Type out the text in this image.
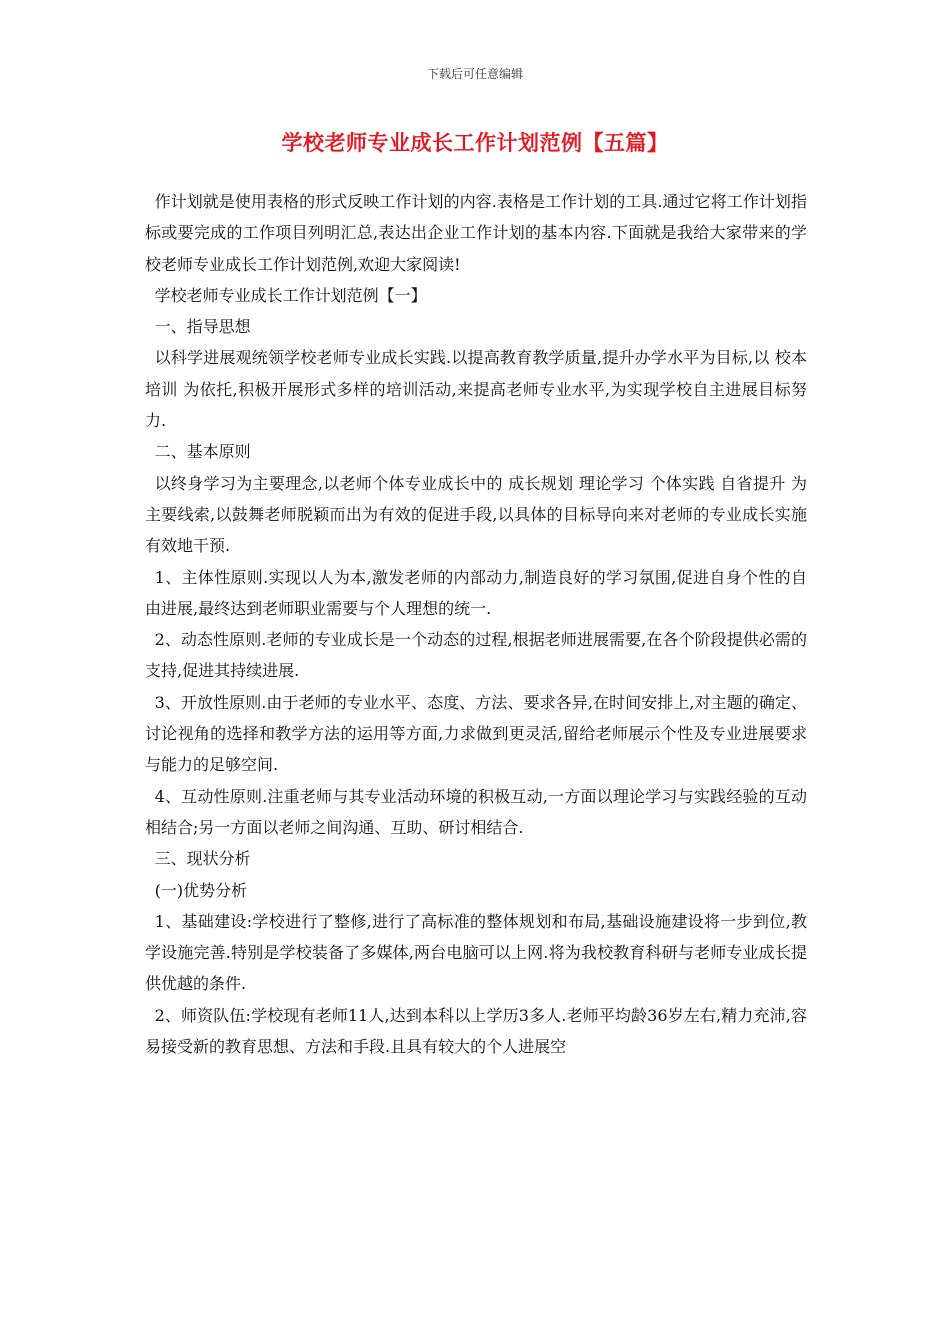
下载后可任意编辑
学校老师专业成长工作计划范例【五篇】

作计划就是使用表格的形式反映工作计划的内容.表格是工作计划的工具.通过它将工作计划指标或要完成的工作项目列明汇总,表达出企业工作计划的基本内容.下面就是我给大家带来的学校老师专业成长工作计划范例,欢迎大家阅读!

学校老师专业成长工作计划范例【一】

一、指导思想

以科学进展观统领学校老师专业成长实践.以提高教育教学质量,提升办学水平为目标,以 校本培训 为依托,积极开展形式多样的培训活动,来提高老师专业水平,为实现学校自主进展目标努力.

二、基本原则

以终身学习为主要理念,以老师个体专业成长中的 成长规划 理论学习 个体实践 自省提升 为主要线索,以鼓舞老师脱颖而出为有效的促进手段,以具体的目标导向来对老师的专业成长实施有效地干预.

1、主体性原则.实现以人为本,激发老师的内部动力,制造良好的学习氛围,促进自身个性的自由进展,最终达到老师职业需要与个人理想的统一.

2、动态性原则.老师的专业成长是一个动态的过程,根据老师进展需要,在各个阶段提供必需的支持,促进其持续进展.

3、开放性原则.由于老师的专业水平、态度、方法、要求各异,在时间安排上,对主题的确定、讨论视角的选择和教学方法的运用等方面,力求做到更灵活,留给老师展示个性及专业进展要求与能力的足够空间.

4、互动性原则.注重老师与其专业活动环境的积极互动,一方面以理论学习与实践经验的互动相结合;另一方面以老师之间沟通、互助、研讨相结合.

三、现状分析

(一)优势分析

1、基础建设:学校进行了整修,进行了高标准的整体规划和布局,基础设施建设将一步到位,教学设施完善.特别是学校装备了多媒体,两台电脑可以上网.将为我校教育科研与老师专业成长提供优越的条件.

2、师资队伍:学校现有老师11人,达到本科以上学历3多人.老师平均龄36岁左右,精力充沛,容易接受新的教育思想、方法和手段.且具有较大的个人进展空
